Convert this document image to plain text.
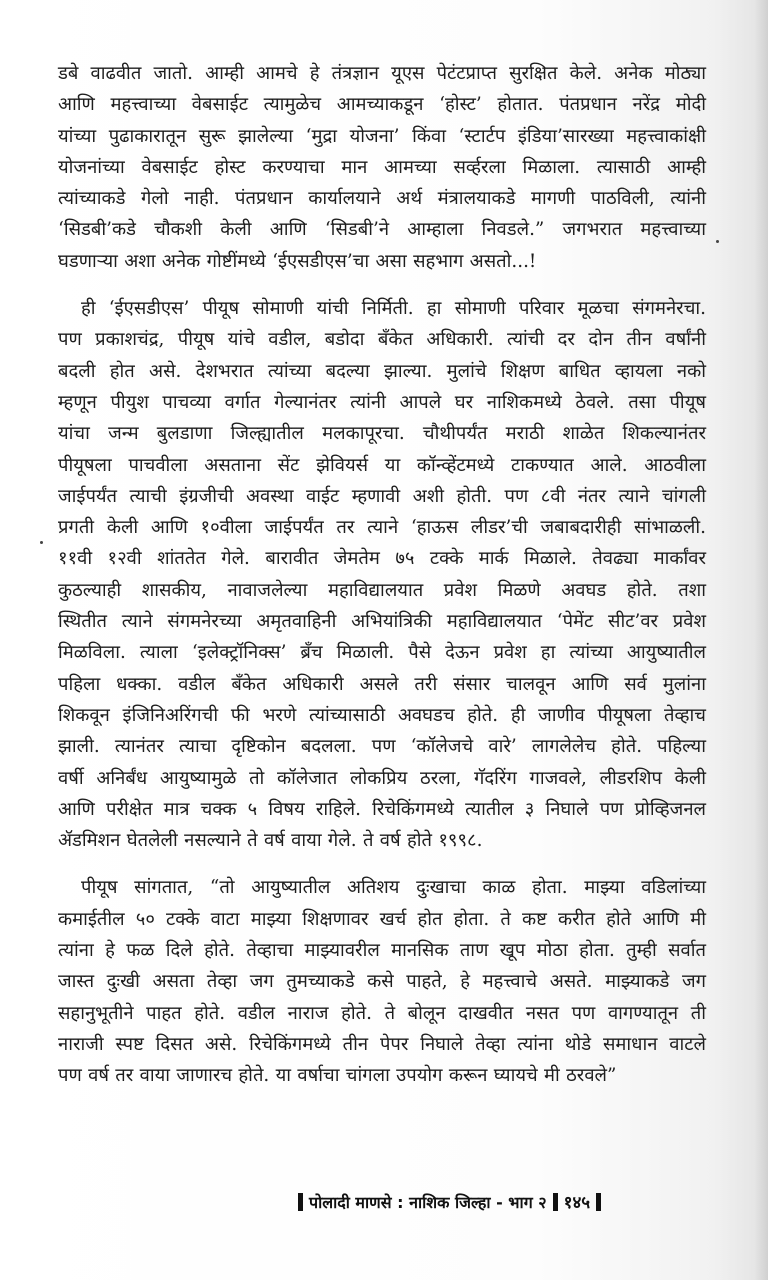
डबे वाढवीत जातो. आम्ही आमचे हे तंत्रज्ञान यूएस पेटंटप्राप्त सुरक्षित केले. अनेक मोठ्या

आणि महत्त्वाच्या वेबसाईट त्यामुळेच आमच्याकडून ‘होस्ट’ होतात. पंतप्रधान नरेंद्र मोदी

यांच्या पुढाकारातून सुरू झालेल्या ‘मुद्रा योजना’ किंवा ‘स्टार्टप इंडिया’सारख्या महत्त्वाकांक्षी

योजनांच्या वेबसाईट होस्ट करण्याचा मान आमच्या सर्व्हरला मिळाला. त्यासाठी आम्ही

त्यांच्याकडे गेलो नाही. पंतप्रधान कार्यालयाने अर्थ मंत्रालयाकडे मागणी पाठविली, त्यांनी

‘सिडबी’कडे चौकशी केली आणि ‘सिडबी’ने आम्हाला निवडले.” जगभरात महत्त्वाच्या

घडणाऱ्या अशा अनेक गोष्टींमध्ये ‘ईएसडीएस’चा असा सहभाग असतो...!

ही ‘ईएसडीएस’ पीयूष सोमाणी यांची निर्मिती. हा सोमाणी परिवार मूळचा संगमनेरचा.

पण प्रकाशचंद्र, पीयूष यांचे वडील, बडोदा बँकेत अधिकारी. त्यांची दर दोन तीन वर्षांनी

बदली होत असे. देशभरात त्यांच्या बदल्या झाल्या. मुलांचे शिक्षण बाधित व्हायला नको

म्हणून पीयुश पाचव्या वर्गात गेल्यानंतर त्यांनी आपले घर नाशिकमध्ये ठेवले. तसा पीयूष

यांचा जन्म बुलडाणा जिल्ह्यातील मलकापूरचा. चौथीपर्यंत मराठी शाळेत शिकल्यानंतर

पीयूषला पाचवीला असताना सेंट झेवियर्स या कॉन्व्हेंटमध्ये टाकण्यात आले. आठवीला

जाईपर्यंत त्याची इंग्रजीची अवस्था वाईट म्हणावी अशी होती. पण ८वी नंतर त्याने चांगली

प्रगती केली आणि १०वीला जाईपर्यंत तर त्याने ‘हाऊस लीडर’ची जबाबदारीही सांभाळली.

११वी १२वी शांततेत गेले. बारावीत जेमतेम ७५ टक्के मार्क मिळाले. तेवढ्या मार्कांवर

कुठल्याही शासकीय, नावाजलेल्या महाविद्यालयात प्रवेश मिळणे अवघड होते. तशा

स्थितीत त्याने संगमनेरच्या अमृतवाहिनी अभियांत्रिकी महाविद्यालयात ‘पेमेंट सीट’वर प्रवेश

मिळविला. त्याला ‘इलेक्ट्रॉनिक्स’ ब्रँच मिळाली. पैसे देऊन प्रवेश हा त्यांच्या आयुष्यातील

पहिला धक्का. वडील बँकेत अधिकारी असले तरी संसार चालवून आणि सर्व मुलांना

शिकवून इंजिनिअरिंगची फी भरणे त्यांच्यासाठी अवघडच होते. ही जाणीव पीयूषला तेव्हाच

झाली. त्यानंतर त्याचा दृष्टिकोन बदलला. पण ‘कॉलेजचे वारे’ लागलेलेच होते. पहिल्या

वर्षी अनिर्बंध आयुष्यामुळे तो कॉलेजात लोकप्रिय ठरला, गॅदरिंग गाजवले, लीडरशिप केली

आणि परीक्षेत मात्र चक्क ५ विषय राहिले. रिचेकिंगमध्ये त्यातील ३ निघाले पण प्रोव्हिजनल

ॲडमिशन घेतलेली नसल्याने ते वर्ष वाया गेले. ते वर्ष होते १९९८.

पीयूष सांगतात, “तो आयुष्यातील अतिशय दुःखाचा काळ होता. माझ्या वडिलांच्या

कमाईतील ५० टक्के वाटा माझ्या शिक्षणावर खर्च होत होता. ते कष्ट करीत होते आणि मी

त्यांना हे फळ दिले होते. तेव्हाचा माझ्यावरील मानसिक ताण खूप मोठा होता. तुम्ही सर्वात

जास्त दुःखी असता तेव्हा जग तुमच्याकडे कसे पाहते, हे महत्त्वाचे असते. माझ्याकडे जग

सहानुभूतीने पाहत होते. वडील नाराज होते. ते बोलून दाखवीत नसत पण वागण्यातून ती

नाराजी स्पष्ट दिसत असे. रिचेकिंगमध्ये तीन पेपर निघाले तेव्हा त्यांना थोडे समाधान वाटले

पण वर्ष तर वाया जाणारच होते. या वर्षाचा चांगला उपयोग करून घ्यायचे मी ठरवले”

पोलादी माणसे : नाशिक जिल्हा - भाग २ १४५
